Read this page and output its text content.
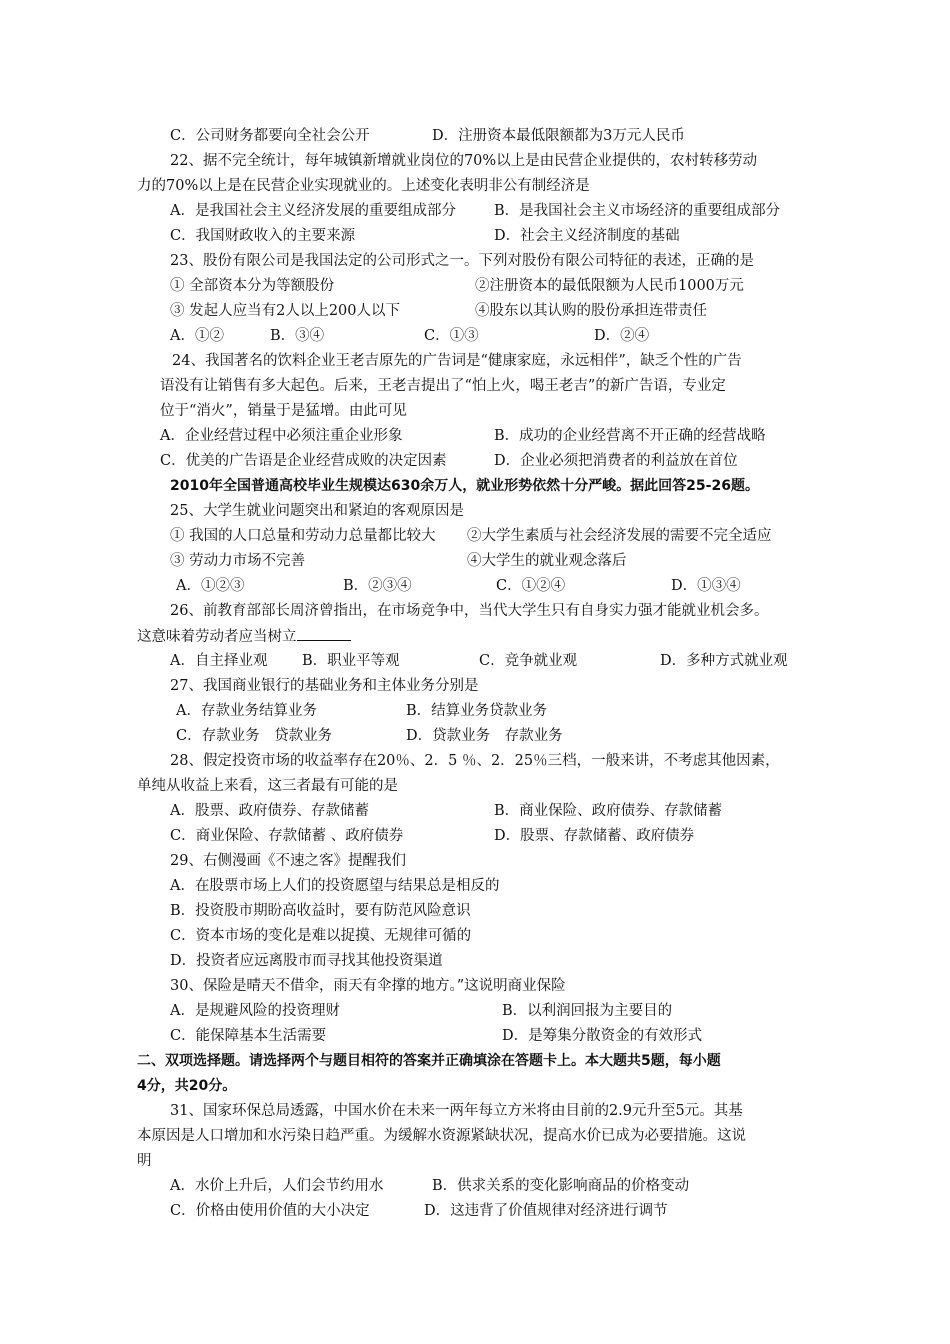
C．公司财务都要向全社会公开	D．注册资本最低限额都为3万元人民币
22、据不完全统计，每年城镇新增就业岗位的70%以上是由民营企业提供的，农村转移劳动
力的70%以上是在民营企业实现就业的。上述变化表明非公有制经济是
A．是我国社会主义经济发展的重要组成部分	B．是我国社会主义市场经济的重要组成部分
C．我国财政收入的主要来源	D．社会主义经济制度的基础
23、股份有限公司是我国法定的公司形式之一。下列对股份有限公司特征的表述，正确的是
① 全部资本分为等额股份	②注册资本的最低限额为人民币1000万元
③ 发起人应当有2人以上200人以下	④股东以其认购的股份承担连带责任
A．①②	B．③④	C．①③	D．②④
24、我国著名的饮料企业王老吉原先的广告词是“健康家庭，永远相伴”，缺乏个性的广告
语没有让销售有多大起色。后来，王老吉提出了“怕上火，喝王老吉”的新广告语，专业定
位于“消火”，销量于是猛增。由此可见
A．企业经营过程中必须注重企业形象	B．成功的企业经营离不开正确的经营战略
C．优美的广告语是企业经营成败的决定因素	D．企业必须把消费者的利益放在首位
2010年全国普通高校毕业生规模达630余万人，就业形势依然十分严峻。据此回答25-26题。
25、大学生就业问题突出和紧迫的客观原因是
① 我国的人口总量和劳动力总量都比较大 ②大学生素质与社会经济发展的需要不完全适应
③ 劳动力市场不完善	④大学生的就业观念落后
A．①②③	B．②③④	C．①②④	D．①③④
26、前教育部部长周济曾指出，在市场竞争中，当代大学生只有自身实力强才能就业机会多。
这意味着劳动者应当树立
A．自主择业观 B．职业平等观	C．竞争就业观	D．多种方式就业观
27、我国商业银行的基础业务和主体业务分别是
A．存款业务结算业务	B．结算业务贷款业务
C．存款业务　贷款业务	D．贷款业务　存款业务
28、假定投资市场的收益率存在20％、2．5 ％、2．25％三档，一般来讲，不考虑其他因素，
单纯从收益上来看，这三者最有可能的是
A．股票、政府债券、存款储蓄	B．商业保险、政府债券、存款储蓄
C．商业保险、存款储蓄 、政府债券	D．股票、存款储蓄、政府债券
29、右侧漫画《不速之客》提醒我们
A．在股票市场上人们的投资愿望与结果总是相反的
B．投资股市期盼高收益时，要有防范风险意识
C．资本市场的变化是难以捉摸、无规律可循的
D．投资者应远离股市而寻找其他投资渠道
30、保险是晴天不借伞，雨天有伞撑的地方。”这说明商业保险
A．是规避风险的投资理财	B．以利润回报为主要目的
C．能保障基本生活需要	D．是筹集分散资金的有效形式
二、双项选择题。请选择两个与题目相符的答案并正确填涂在答题卡上。本大题共5题，每小题
4分，共20分。
31、国家环保总局透露，中国水价在未来一两年每立方米将由目前的2.9元升至5元。其基
本原因是人口增加和水污染日趋严重。为缓解水资源紧缺状况，提高水价已成为必要措施。这说
明
A．水价上升后，人们会节约用水	B．供求关系的变化影响商品的价格变动
C．价格由使用价值的大小决定	D．这违背了价值规律对经济进行调节
